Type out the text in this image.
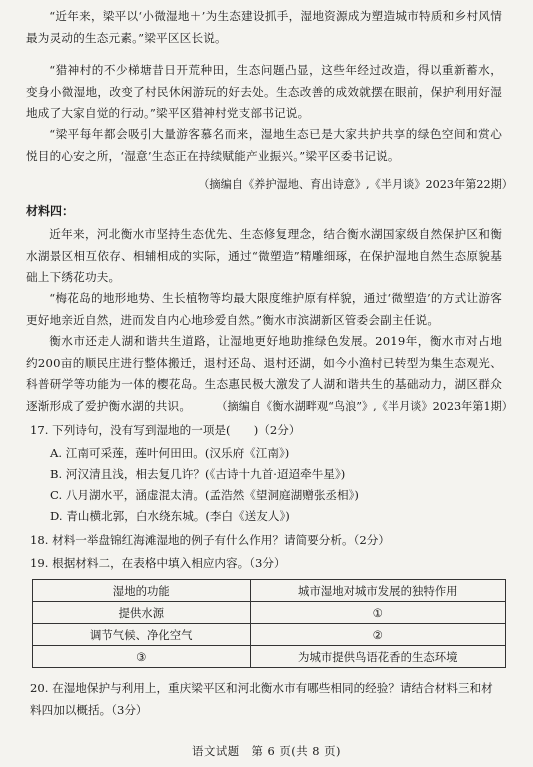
“近年来，梁平以‘小微湿地＋’为生态建设抓手，湿地资源成为塑造城市特质和乡村风情最为灵动的生态元素。”梁平区区长说。

“猎神村的不少梯塘昔日开荒种田，生态问题凸显，这些年经过改造，得以重新蓄水，变身小微湿地，改变了村民休闲游玩的好去处。生态改善的成效就摆在眼前，保护利用好湿地成了大家自觉的行动。”梁平区猎神村党支部书记说。

“梁平每年都会吸引大量游客慕名而来，湿地生态已是大家共护共享的绿色空间和赏心悦目的心安之所，‘湿意’生态正在持续赋能产业振兴。”梁平区委书记说。

（摘编自《养护湿地、育出诗意》,《半月谈》2023年第22期）

材料四：

近年来，河北衡水市坚持生态优先、生态修复理念，结合衡水湖国家级自然保护区和衡水湖景区相互依存、相辅相成的实际，通过“微塑造”精雕细琢，在保护湿地自然生态原貌基础上下绣花功夫。

“梅花岛的地形地势、生长植物等均最大限度维护原有样貌，通过‘微塑造’的方式让游客更好地亲近自然，进而发自内心地珍爱自然。”衡水市滨湖新区管委会副主任说。

衡水市还走人湖和谐共生道路，让湿地更好地助推绿色发展。2019年，衡水市对占地约200亩的顺民庄进行整体搬迁，退村还岛、退村还湖，如今小渔村已转型为集生态观光、科普研学等功能为一体的樱花岛。生态惠民极大激发了人湖和谐共生的基础动力，湖区群众逐渐形成了爱护衡水湖的共识。	（摘编自《衡水湖畔观“鸟浪”》,《半月谈》2023年第1期）

17. 下列诗句，没有写到湿地的一项是(　　)（2分）

A. 江南可采莲，莲叶何田田。(汉乐府《江南》)

B. 河汉清且浅，相去复几许？(《古诗十九首·迢迢牵牛星》)

C. 八月湖水平，涵虚混太清。(孟浩然《望洞庭湖赠张丞相》)

D. 青山横北郭，白水绕东城。(李白《送友人》)

18. 材料一举盘锦红海滩湿地的例子有什么作用？请简要分析。（2分）

19. 根据材料二，在表格中填入相应内容。（3分）

湿地的功能	城市湿地对城市发展的独特作用
提供水源	①
调节气候、净化空气	②
③	为城市提供鸟语花香的生态环境

20. 在湿地保护与利用上，重庆梁平区和河北衡水市有哪些相同的经验？请结合材料三和材料四加以概括。（3分）

语文试题　第 6 页(共 8 页)
